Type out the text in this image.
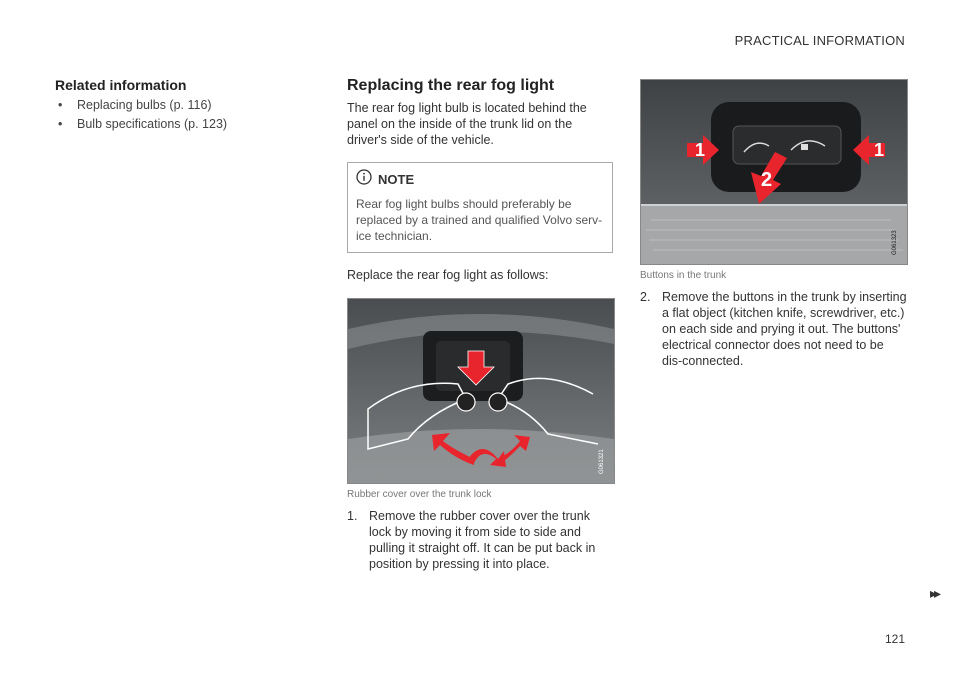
PRACTICAL INFORMATION
Related information
• Replacing bulbs (p. 116)
• Bulb specifications (p. 123)
Replacing the rear fog light

The rear fog light bulb is located behind the panel on the inside of the trunk lid on the driver's side of the vehicle.

NOTE

Rear fog light bulbs should preferably be replaced by a trained and qualified Volvo serv-ice technician.

Replace the rear fog light as follows:

G061321
Rubber cover over the trunk lock
1. Remove the rubber cover over the trunk lock by moving it from side to side and pulling it straight off. It can be put back in position by pressing it into place.
1	1
2
G061323
Buttons in the trunk
2. Remove the buttons in the trunk by inserting a flat object (kitchen knife, screwdriver, etc.) on each side and prying it out. The buttons' electrical connector does not need to be dis-connected.
▸▸
121
